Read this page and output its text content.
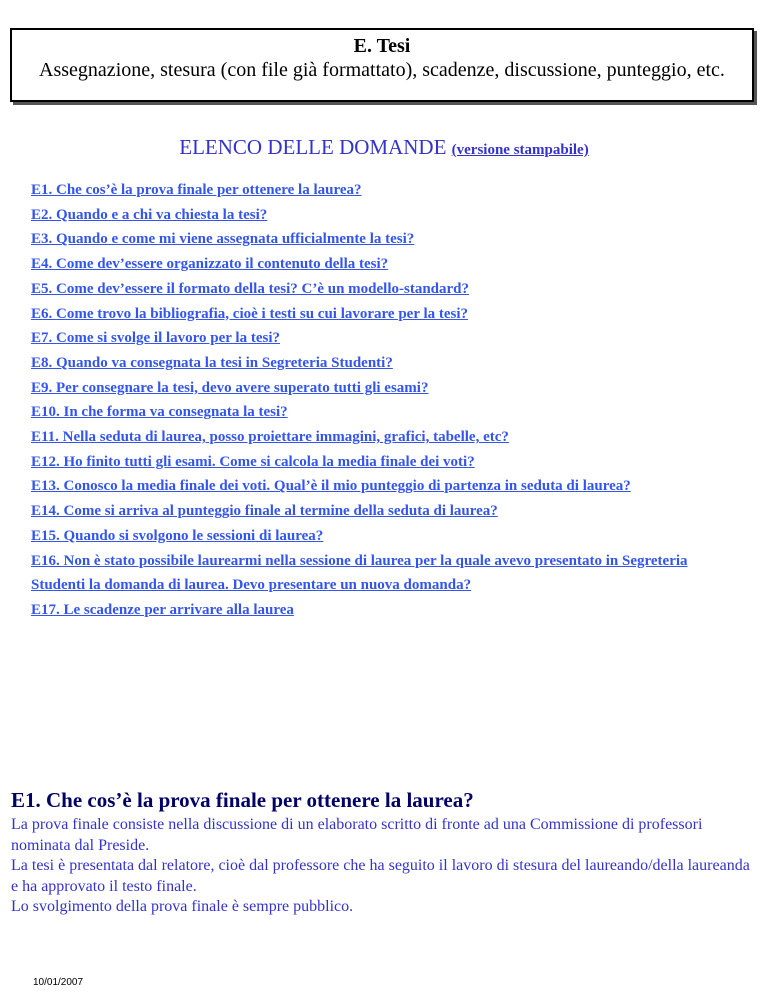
E. Tesi
Assegnazione, stesura (con file già formattato), scadenze, discussione, punteggio, etc.
ELENCO DELLE DOMANDE (versione stampabile)
E1. Che cos’è la prova finale per ottenere la laurea?
E2. Quando e a chi va chiesta la tesi?
E3. Quando e come mi viene assegnata ufficialmente la tesi?
E4. Come dev’essere organizzato il contenuto della tesi?
E5. Come dev’essere il formato della tesi? C’è un modello-standard?
E6. Come trovo la bibliografia, cioè i testi su cui lavorare per la tesi?
E7. Come si svolge il lavoro per la tesi?
E8. Quando va consegnata la tesi in Segreteria Studenti?
E9. Per consegnare la tesi, devo avere superato tutti gli esami?
E10. In che forma va consegnata la tesi?
E11. Nella seduta di laurea, posso proiettare immagini, grafici, tabelle, etc?
E12. Ho finito tutti gli esami. Come si calcola la media finale dei voti?
E13. Conosco la media finale dei voti. Qual’è il mio punteggio di partenza in seduta di laurea?
E14. Come si arriva al punteggio finale al termine della seduta di laurea?
E15. Quando si svolgono le sessioni di laurea?
E16. Non è stato possibile laurearmi nella sessione di laurea per la quale avevo presentato in Segreteria Studenti la domanda di laurea. Devo presentare un nuova domanda?
E17. Le scadenze per arrivare alla laurea
E1. Che cos’è la prova finale per ottenere la laurea?

La prova finale consiste nella discussione di un elaborato scritto di fronte ad una Commissione di professori nominata dal Preside.

La tesi è presentata dal relatore, cioè dal professore che ha seguito il lavoro di stesura del laureando/della laureanda e ha approvato il testo finale.

Lo svolgimento della prova finale è sempre pubblico.

10/01/2007
